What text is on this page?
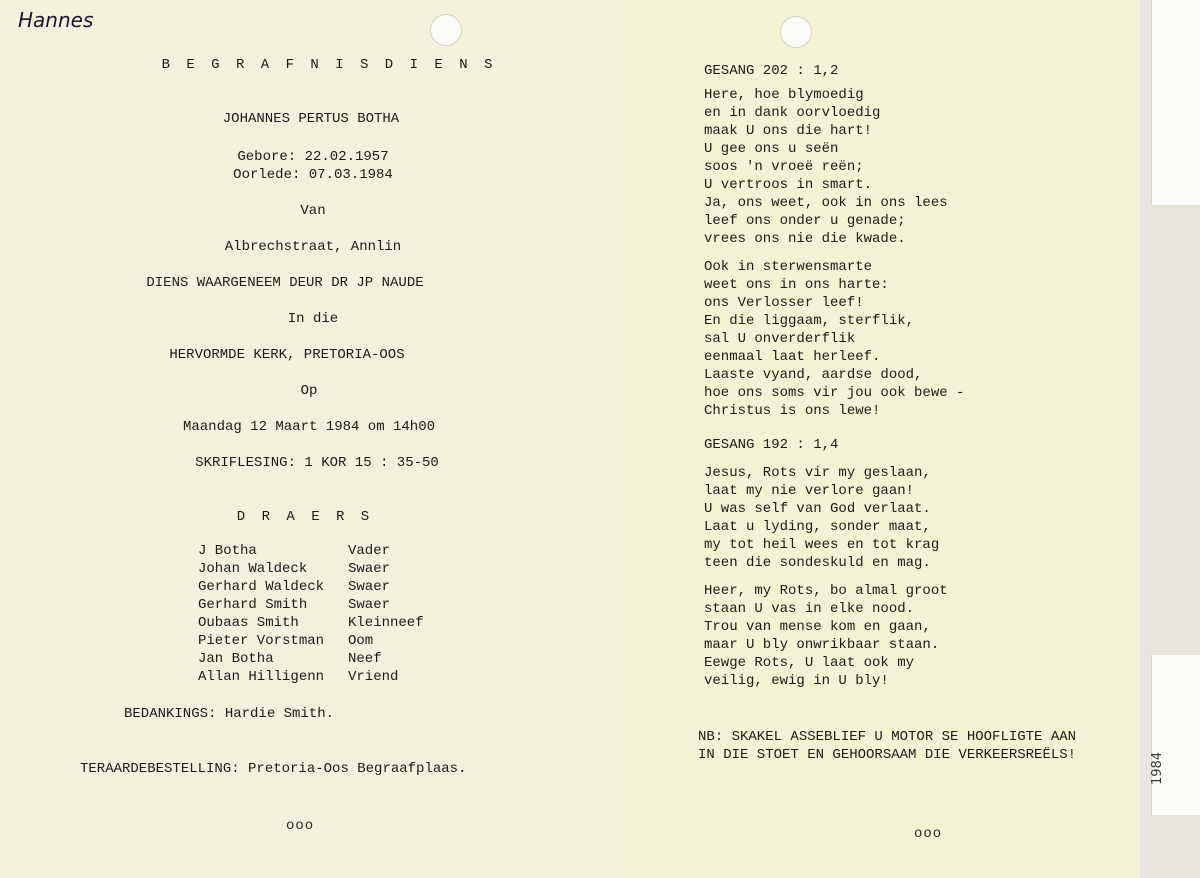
Hannes
B E G R A F N I S D I E N S
JOHANNES PERTUS BOTHA
Gebore: 22.02.1957
Oorlede: 07.03.1984
Van
Albrechstraat, Annlin
DIENS WAARGENEEM DEUR DR JP NAUDE
In die
HERVORMDE KERK, PRETORIA-OOS
Op
Maandag 12 Maart 1984 om 14h00
SKRIFLESING: 1 KOR 15 : 35-50
D R A E R S
J Botha	Vader
Johan Waldeck	Swaer
Gerhard Waldeck	Swaer
Gerhard Smith	Swaer
Oubaas Smith	Kleinneef
Pieter Vorstman	Oom
Jan Botha	Neef
Allan Hilligenn	Vriend
BEDANKINGS: Hardie Smith.
TERAARDEBESTELLING: Pretoria-Oos Begraafplaas.
ooo
GESANG 202 : 1,2
Here, hoe blymoedig
en in dank oorvloedig
maak U ons die hart!
U gee ons u seën
soos 'n vroeë reën;
U vertroos in smart.
Ja, ons weet, ook in ons lees
leef ons onder u genade;
vrees ons nie die kwade.
Ook in sterwensmarte
weet ons in ons harte:
ons Verlosser leef!
En die liggaam, sterflik,
sal U onverderflik
eenmaal laat herleef.
Laaste vyand, aardse dood,
hoe ons soms vir jou ook bewe -
Christus is ons lewe!
GESANG 192 : 1,4
Jesus, Rots vir my geslaan,
laat my nie verlore gaan!
U was self van God verlaat.
Laat u lyding, sonder maat,
my tot heil wees en tot krag
teen die sondeskuld en mag.
Heer, my Rots, bo almal groot
staan U vas in elke nood.
Trou van mense kom en gaan,
maar U bly onwrikbaar staan.
Eewge Rots, U laat ook my
veilig, ewig in U bly!
NB: SKAKEL ASSEBLIEF U MOTOR SE HOOFLIGTE AAN
IN DIE STOET EN GEHOORSAAM DIE VERKEERSREËLS!
ooo
1984
